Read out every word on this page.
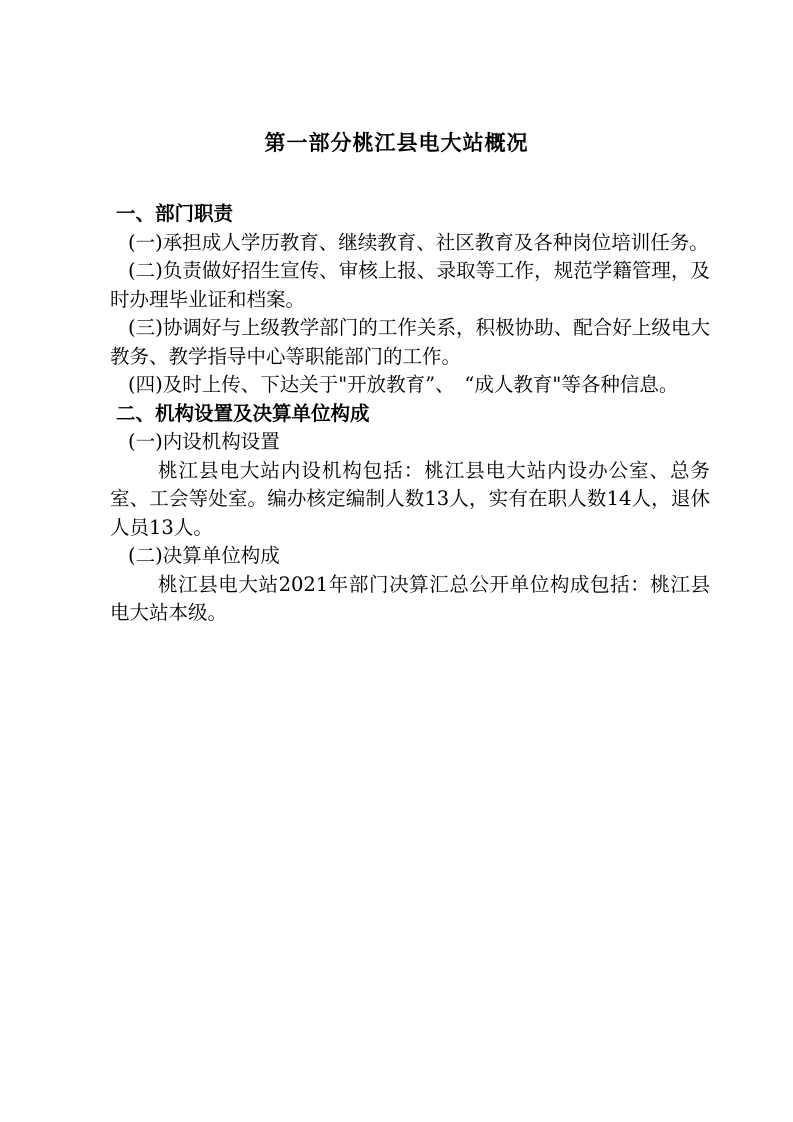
第一部分桃江县电大站概况

一、部门职责

(一)承担成人学历教育、继续教育、社区教育及各种岗位培训任务。

(二)负责做好招生宣传、审核上报、录取等工作，规范学籍管理，及时办理毕业证和档案。

(三)协调好与上级教学部门的工作关系，积极协助、配合好上级电大教务、教学指导中心等职能部门的工作。

(四)及时上传、下达关于"开放教育”、　“成人教育"等各种信息。

二、机构设置及决算单位构成

(一)内设机构设置

桃江县电大站内设机构包括：桃江县电大站内设办公室、总务室、工会等处室。编办核定编制人数13人，实有在职人数14人，退休人员13人。

(二)决算单位构成

桃江县电大站2021年部门决算汇总公开单位构成包括：桃江县电大站本级。
